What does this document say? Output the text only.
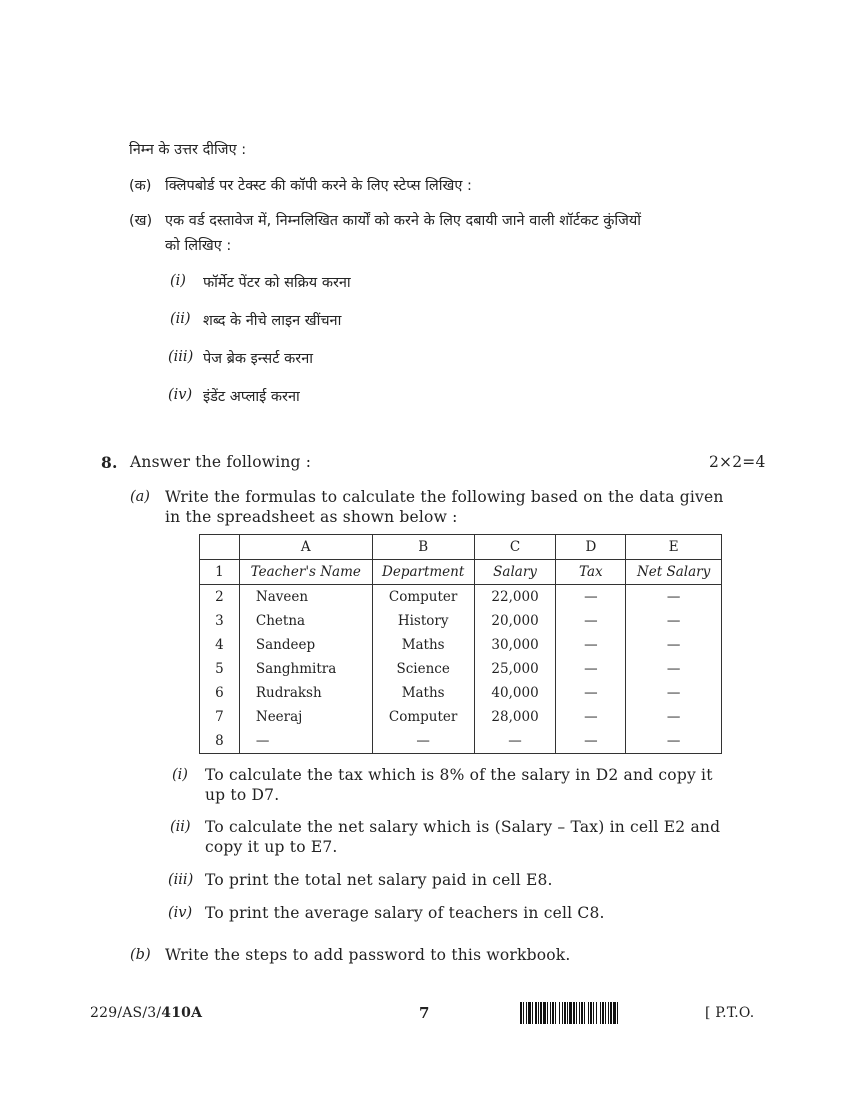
निम्न के उत्तर दीजिए :
(क) क्लिपबोर्ड पर टेक्स्ट की कॉपी करने के लिए स्टेप्स लिखिए :
(ख) एक वर्ड दस्तावेज में, निम्नलिखित कार्यों को करने के लिए दबायी जाने वाली शॉर्टकट कुंजियों
को लिखिए :
(i) फॉर्मेट पेंटर को सक्रिय करना
(ii) शब्द के नीचे लाइन खींचना
(iii) पेज ब्रेक इन्सर्ट करना
(iv) इंडेंट अप्लाई करना
8. Answer the following :	2×2=4
(a) Write the formulas to calculate the following based on the data given
in the spreadsheet as shown below :
	A	B	C	D	E
1	Teacher's Name	Department	Salary	Tax	Net Salary
2	Naveen	Computer	22,000	—	—
3	Chetna	History	20,000	—	—
4	Sandeep	Maths	30,000	—	—
5	Sanghmitra	Science	25,000	—	—
6	Rudraksh	Maths	40,000	—	—
7	Neeraj	Computer	28,000	—	—
8	—	—	—	—	—
(i) To calculate the tax which is 8% of the salary in D2 and copy it
up to D7.
(ii) To calculate the net salary which is (Salary – Tax) in cell E2 and
copy it up to E7.
(iii) To print the total net salary paid in cell E8.
(iv) To print the average salary of teachers in cell C8.
(b) Write the steps to add password to this workbook.
229/AS/3/410A	7	[ P.T.O.
